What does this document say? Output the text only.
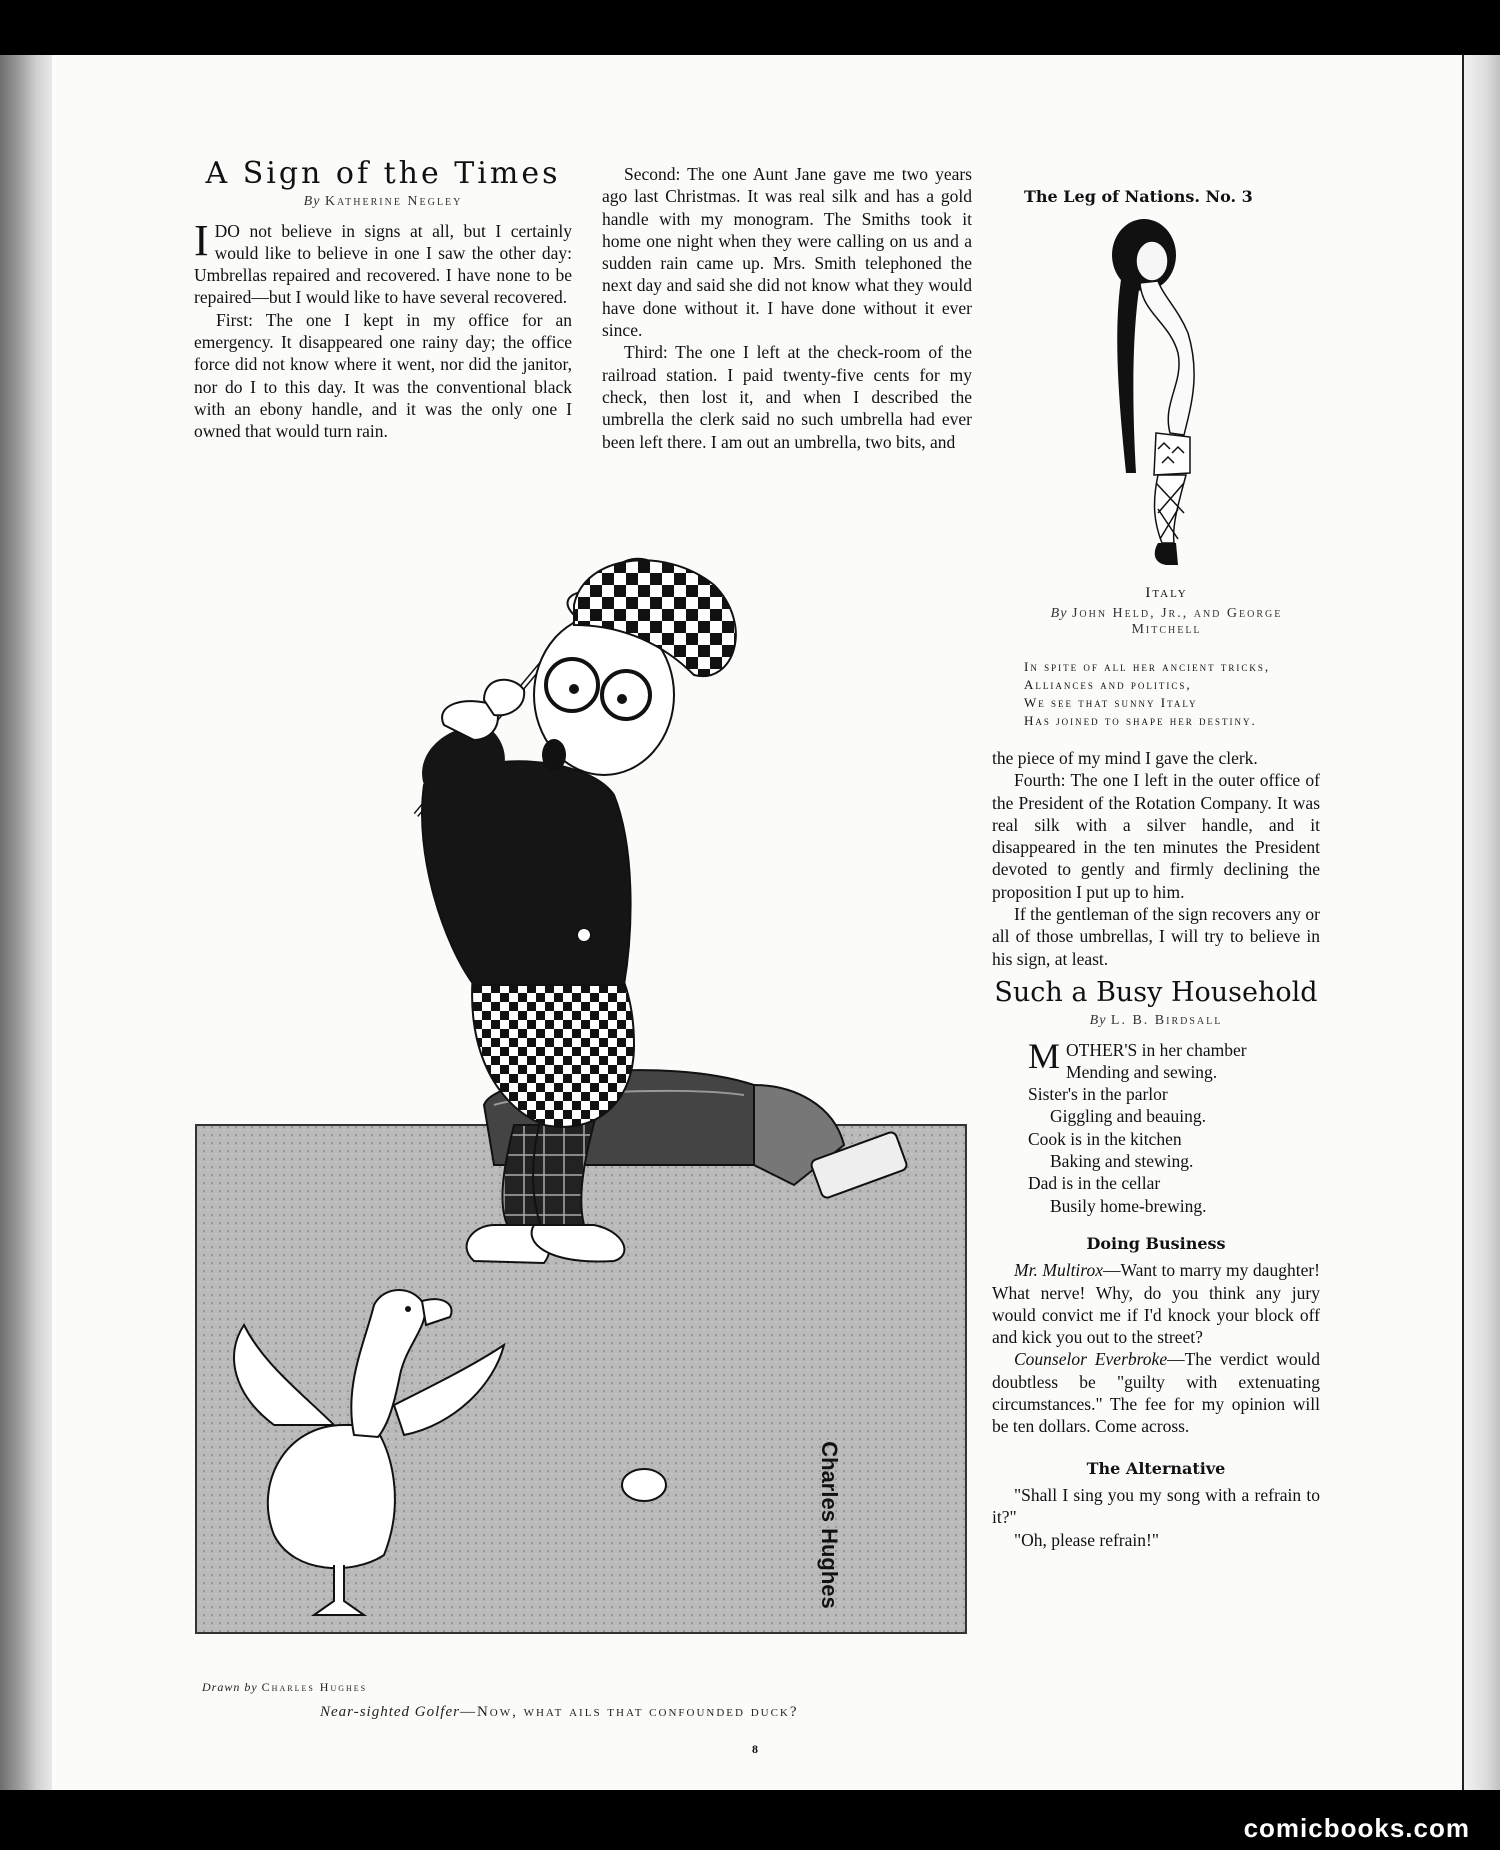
A Sign of the Times
By Katherine Negley

IDO not believe in signs at all, but I certainly would like to believe in one I saw the other day: Umbrellas repaired and recovered. I have none to be repaired—but I would like to have several recovered.

First: The one I kept in my office for an emergency. It disappeared one rainy day; the office force did not know where it went, nor did the janitor, nor do I to this day. It was the conventional black with an ebony handle, and it was the only one I owned that would turn rain.

Second: The one Aunt Jane gave me two years ago last Christmas. It was real silk and has a gold handle with my monogram. The Smiths took it home one night when they were calling on us and a sudden rain came up. Mrs. Smith telephoned the next day and said she did not know what they would have done without it. I have done without it ever since.

Third: The one I left at the check-room of the railroad station. I paid twenty-five cents for my check, then lost it, and when I described the umbrella the clerk said no such umbrella had ever been left there. I am out an umbrella, two bits, and

The Leg of Nations. No. 3
Italy
By John Held, Jr., and George Mitchell
In spite of all her ancient tricks,
Alliances and politics,
We see that sunny Italy
Has joined to shape her destiny.

the piece of my mind I gave the clerk.

Fourth: The one I left in the outer office of the President of the Rotation Company. It was real silk with a silver handle, and it disappeared in the ten minutes the President devoted to gently and firmly declining the proposition I put up to him.

If the gentleman of the sign recovers any or all of those umbrellas, I will try to believe in his sign, at least.

Such a Busy Household
By L. B. Birdsall
MOTHER'S in her chamber
Mending and sewing.
Sister's in the parlor
Giggling and beauing.
Cook is in the kitchen
Baking and stewing.
Dad is in the cellar
Busily home-brewing.
Doing Business

Mr. Multirox—Want to marry my daughter! What nerve! Why, do you think any jury would convict me if I'd knock your block off and kick you out to the street?

Counselor Everbroke—The verdict would doubtless be "guilty with extenuating circumstances." The fee for my opinion will be ten dollars. Come across.

The Alternative

"Shall I sing you my song with a refrain to it?"

"Oh, please refrain!"

Charles Hughes
Drawn by Charles Hughes
Near-sighted Golfer—Now, what ails that confounded duck?
8
comicbooks.com
